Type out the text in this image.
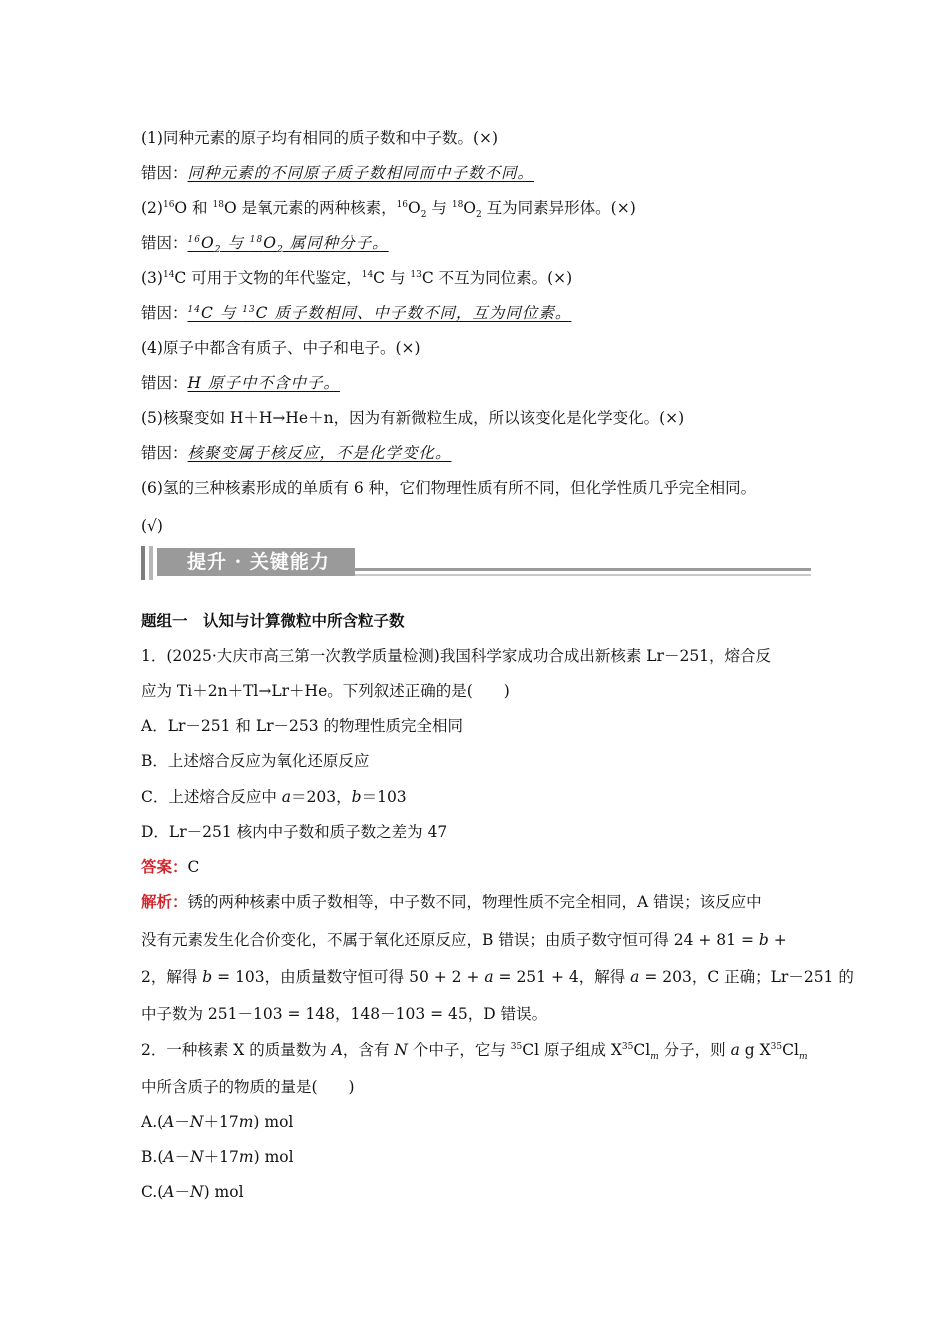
(1)同种元素的原子均有相同的质子数和中子数。(×)
错因：同种元素的不同原子质子数相同而中子数不同。
$(2)^{16}O$ 和 $^{18}$O 是氧元素的两种核素，$^{16}O_2$ 与 $^{18}O_2$ 互为同素异形体。(×)
错因：$^{16}O_2$ 与 $^{18}O_2$ 属同种分子。
$(3)^{14}C$ 可用于文物的年代鉴定，$^{14}$C 与 $^{13}$C 不互为同位素。(×)
错因：$^{14}$C 与 $^{13}$C 质子数相同、中子数不同，互为同位素。
(4)原子中都含有质子、中子和电子。(×)
错因：H 原子中不含中子。
(5)核聚变如 H＋H→He＋n，因为有新微粒生成，所以该变化是化学变化。(×)
错因：核聚变属于核反应，不是化学变化。
(6)氢的三种核素形成的单质有 6 种，它们物理性质有所不同，但化学性质几乎完全相同。
(√)
提升 · 关键能力
题组一　认知与计算微粒中所含粒子数
1．(2025·大庆市高三第一次教学质量检测)我国科学家成功合成出新核素 Lr－251，熔合反
应为 Ti＋2n＋Tl→Lr＋He。下列叙述正确的是(　　)
A．Lr－251 和 Lr－253 的物理性质完全相同
B．上述熔合反应为氧化还原反应
C．上述熔合反应中 a＝203，b＝103
D．Lr－251 核内中子数和质子数之差为 47
答案：C
解析：锈的两种核素中质子数相等，中子数不同，物理性质不完全相同，A 错误；该反应中
没有元素发生化合价变化，不属于氧化还原反应，B 错误；由质子数守恒可得 24 + 81 = b +
2，解得 b = 103，由质量数守恒可得 50 + 2 + a = 251 + 4，解得 a = 203，C 正确；Lr－251 的
中子数为 251－103 = 148，148－103 = 45，D 错误。
2．一种核素 X 的质量数为 A，含有 N 个中子，它与 $^{35}$Cl 原子组成 $X^{35}Cl_m$ 分子，则 a g $X^{35}Cl_m$
中所含质子的物质的量是(　　)
A.(A－N＋17m) mol
B.(A－N＋17m) mol
C.(A－N) mol
